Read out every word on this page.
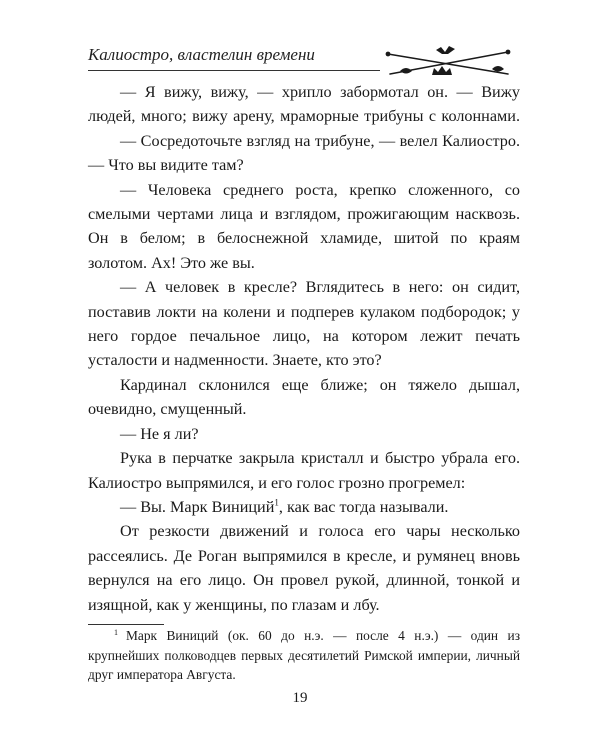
Калиостро, властелин времени

— Я вижу, вижу, — хрипло забормотал он. — Вижу людей, много; вижу арену, мраморные трибуны с колоннами.

— Сосредоточьте взгляд на трибуне, — велел Калиостро. — Что вы видите там?

— Человека среднего роста, крепко сложенного, со смелыми чертами лица и взглядом, прожигающим насквозь. Он в белом; в белоснежной хламиде, шитой по краям золотом. Ах! Это же вы.

— А человек в кресле? Вглядитесь в него: он сидит, поставив локти на колени и подперев кулаком подбородок; у него гордое печальное лицо, на котором лежит печать усталости и надменности. Знаете, кто это?

Кардинал склонился еще ближе; он тяжело дышал, очевидно, смущенный.

— Не я ли?

Рука в перчатке закрыла кристалл и быстро убрала его. Калиостро выпрямился, и его голос грозно прогремел:

— Вы. Марк Виниций$^1$, как вас тогда называли.

От резкости движений и голоса его чары несколько рассеялись. Де Роган выпрямился в кресле, и румянец вновь вернулся на его лицо. Он провел рукой, длинной, тонкой и изящной, как у женщины, по глазам и лбу.

$^1$ Марк Виниций (ок. 60 до н.э. — после 4 н.э.) — один из крупнейших полководцев первых десятилетий Римской империи, личный друг императора Августа.

19
